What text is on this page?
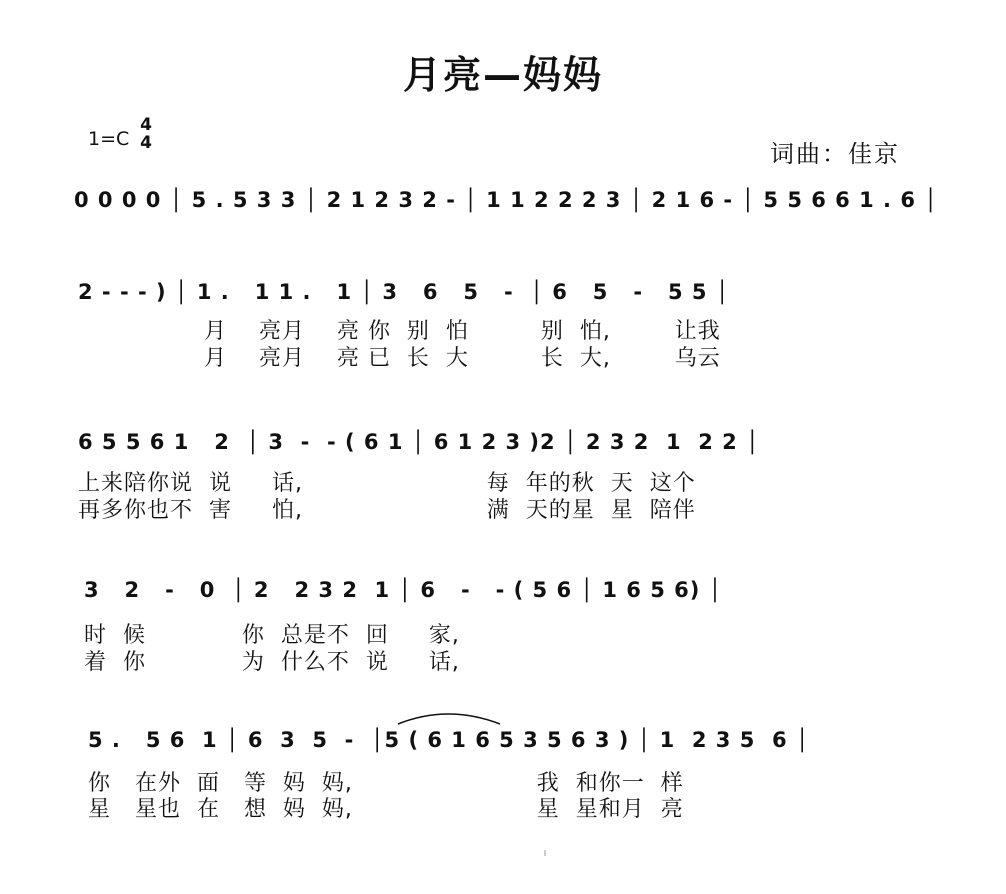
月亮—妈妈
1=C
4
4	词曲：佳京
0 0 0 0 │ 5 . 5 3 3 │ 2 1 2 3 2 - │ 1 1 2 2 2 3 │ 2 1 6 - │ 5 5 6 6 1 . 6 │
2 - - - ) │ 1 .   1 1 .   1 │ 3   6   5   -  │ 6   5   -   5 5 │
月    亮月    亮 你  别  怕         别  怕,        让我
月    亮月    亮 已  长  大         长  大,        乌云
6 5 5 6 1   2  │ 3  -  - ( 6 1 │ 6 1 2 3 )2 │ 2 3 2  1  2 2 │
上来陪你说  说     话,                       每  年的秋  天  这个
再多你也不  害     怕,                       满  天的星  星  陪伴
3   2   -   0  │ 2   2 3 2  1 │ 6   -   - ( 5 6 │ 1 6 5 6) │
时  候            你  总是不  回     家,
着  你            为  什么不  说     话,
5 .   5 6  1 │ 6  3  5  -  │5 ( 6 1 6 5 3 5 6 3 ) │ 1  2 3 5  6 │
你   在外  面   等  妈  妈,                       我  和你一  样
星   星也  在   想  妈  妈,                       星  星和月  亮
